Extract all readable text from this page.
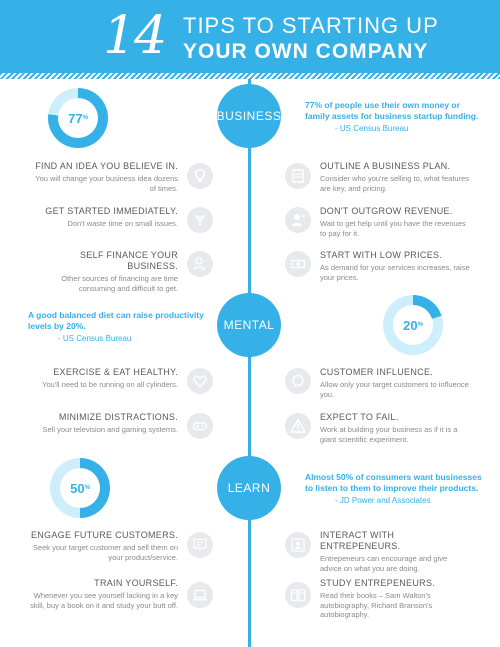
14 TIPS TO STARTING UP
YOUR OWN COMPANY
77 %	BUSINESS
77% of people use their own money or family assets for business startup funding.
- US Census Bureau
A good balanced diet can raise productivity levels by 20%.
- US Census Bureau
MENTAL	20 %
50 %	LEARN
Almost 50% of consumers want businesses to listen to them to improve their products.
- JD Power and Associates
FIND AN IDEA YOU BELIEVE IN.
You will change your business idea dozens of times.
OUTLINE A BUSINESS PLAN.
Consider who you're selling to, what features are key, and pricing.
GET STARTED IMMEDIATELY.
Don't waste time on small issues.
DON'T OUTGROW REVENUE.
Wait to get help until you have the revenues to pay for it.
SELF FINANCE YOUR BUSINESS.
Other sources of financing are time consuming and difficult to get.
START WITH LOW PRICES.
As demand for your services increases, raise your prices.
EXERCISE & EAT HEALTHY.
You'll need to be running on all cylinders.
CUSTOMER INFLUENCE.
Allow only your target customers to influence you.
MINIMIZE DISTRACTIONS.
Sell your television and gaming systems.
EXPECT TO FAIL.
Work at building your business as if it is a giant scientific experiment.
ENGAGE FUTURE CUSTOMERS.
Seek your target customer and sell them on your product/service.
INTERACT WITH ENTREPENEURS.
Entrepeneurs can encourage and give advice on what you are doing.
TRAIN YOURSELF.
Whenever you see yourself lacking in a key skill, buy a book on it and study your butt off.
STUDY ENTREPENEURS.
Read their books – Sam Walton's autobiography, Richard Branson's autobiography.
